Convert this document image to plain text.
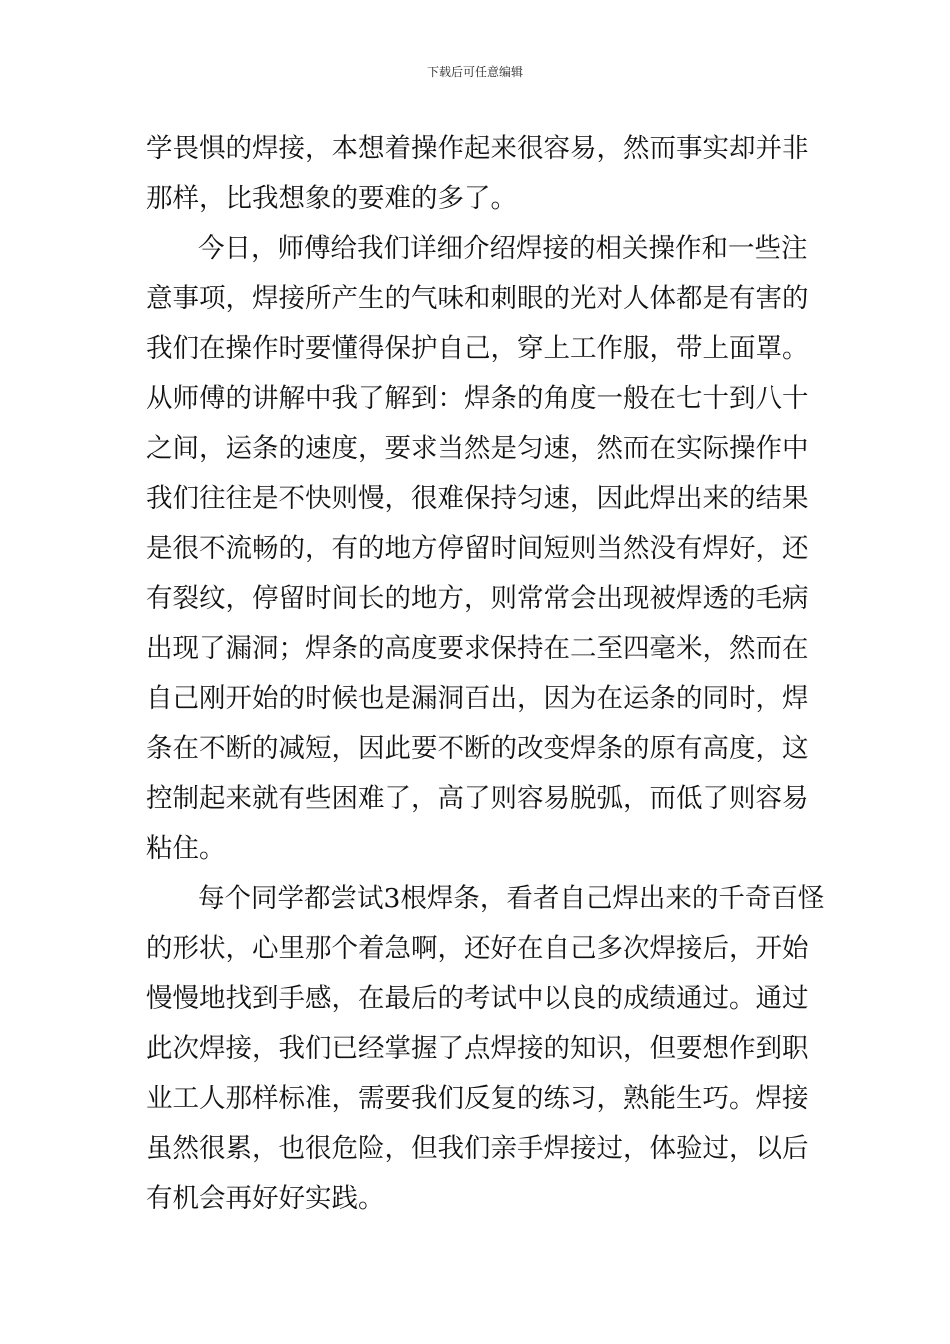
下载后可任意编辑
学畏惧的焊接，本想着操作起来很容易，然而事实却并非
那样，比我想象的要难的多了。
今日，师傅给我们详细介绍焊接的相关操作和一些注
意事项，焊接所产生的气味和刺眼的光对人体都是有害的
我们在操作时要懂得保护自己，穿上工作服，带上面罩。
从师傅的讲解中我了解到：焊条的角度一般在七十到八十
之间，运条的速度，要求当然是匀速，然而在实际操作中
我们往往是不快则慢，很难保持匀速，因此焊出来的结果
是很不流畅的，有的地方停留时间短则当然没有焊好，还
有裂纹，停留时间长的地方，则常常会出现被焊透的毛病
出现了漏洞；焊条的高度要求保持在二至四毫米，然而在
自己刚开始的时候也是漏洞百出，因为在运条的同时，焊
条在不断的减短，因此要不断的改变焊条的原有高度，这
控制起来就有些困难了，高了则容易脱弧，而低了则容易
粘住。
每个同学都尝试3根焊条，看者自己焊出来的千奇百怪
的形状，心里那个着急啊，还好在自己多次焊接后，开始
慢慢地找到手感，在最后的考试中以良的成绩通过。通过
此次焊接，我们已经掌握了点焊接的知识，但要想作到职
业工人那样标准，需要我们反复的练习，熟能生巧。焊接
虽然很累，也很危险，但我们亲手焊接过，体验过，以后
有机会再好好实践。
